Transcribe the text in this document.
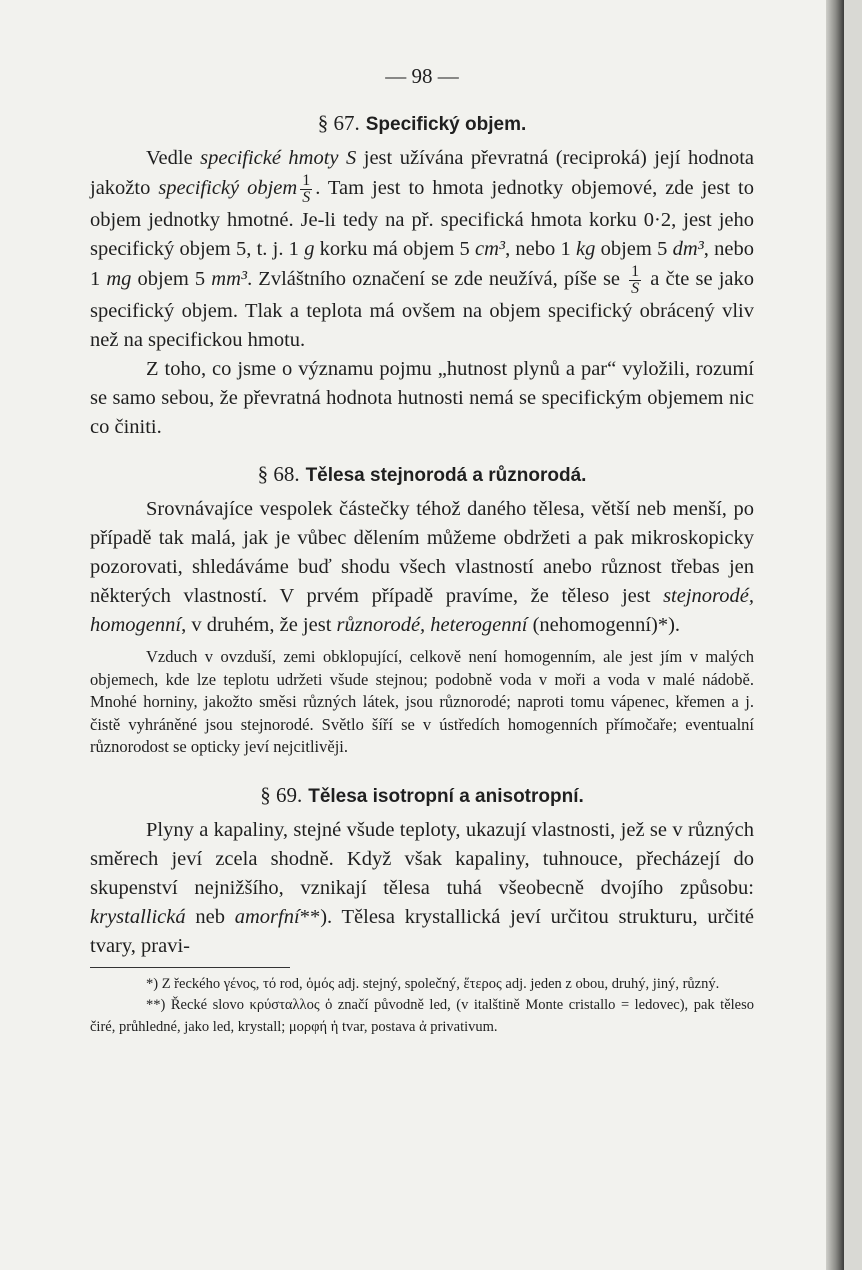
— 98 —
§ 67. Specifický objem.

Vedle specifické hmoty S jest užívána převratná (reciproká) její hodnota jakožto specifický objem $\frac{1}{S}$ . Tam jest to hmota jednotky objemové, zde jest to objem jednotky hmotné. Je-li tedy na př. specifická hmota korku 0·2, jest jeho specifický objem 5, t. j. 1 g korku má objem 5 cm³, nebo 1 kg objem 5 dm³, nebo 1 mg objem 5 mm³. Zvláštního označení se zde neužívá, píše se $\frac{1}{S}$ a čte se jako specifický objem. Tlak a teplota má ovšem na objem specifický obrácený vliv než na specifickou hmotu.

Z toho, co jsme o významu pojmu „hutnost plynů a par“ vyložili, rozumí se samo sebou, že převratná hodnota hutnosti nemá se specifickým objemem nic co činiti.

§ 68. Tělesa stejnorodá a různorodá.

Srovnávajíce vespolek částečky téhož daného tělesa, větší neb menší, po případě tak malá, jak je vůbec dělením můžeme obdržeti a pak mikroskopicky pozorovati, shledáváme buď shodu všech vlastností anebo různost třebas jen některých vlastností. V prvém případě pravíme, že těleso jest stejnorodé, homogenní, v druhém, že jest různorodé, heterogenní (nehomogenní)*).

Vzduch v ovzduší, zemi obklopující, celkově není homogenním, ale jest jím v malých objemech, kde lze teplotu udržeti všude stejnou; podobně voda v moři a voda v malé nádobě. Mnohé horniny, jakožto směsi různých látek, jsou různorodé; naproti tomu vápenec, křemen a j. čistě vyhráněné jsou stejnorodé. Světlo šíří se v ústředích homogenních přímočaře; eventualní různorodost se opticky jeví nejcitlivěji.

§ 69. Tělesa isotropní a anisotropní.

Plyny a kapaliny, stejné všude teploty, ukazují vlastnosti, jež se v různých směrech jeví zcela shodně. Když však kapaliny, tuhnouce, přecházejí do skupenství nejnižšího, vznikají tělesa tuhá všeobecně dvojího způsobu: krystallická neb amorfní**). Tělesa krystallická jeví určitou strukturu, určité tvary, pravi-

*) Z řeckého γένος, τό rod, ὁμός adj. stejný, společný, ἕτερος adj. jeden z obou, druhý, jiný, různý.

**) Řecké slovo κρύσταλλος ὁ značí původně led, (v italštině Monte cristallo = ledovec), pak těleso čiré, průhledné, jako led, krystall; μορφή ἡ tvar, postava ἀ privativum.
